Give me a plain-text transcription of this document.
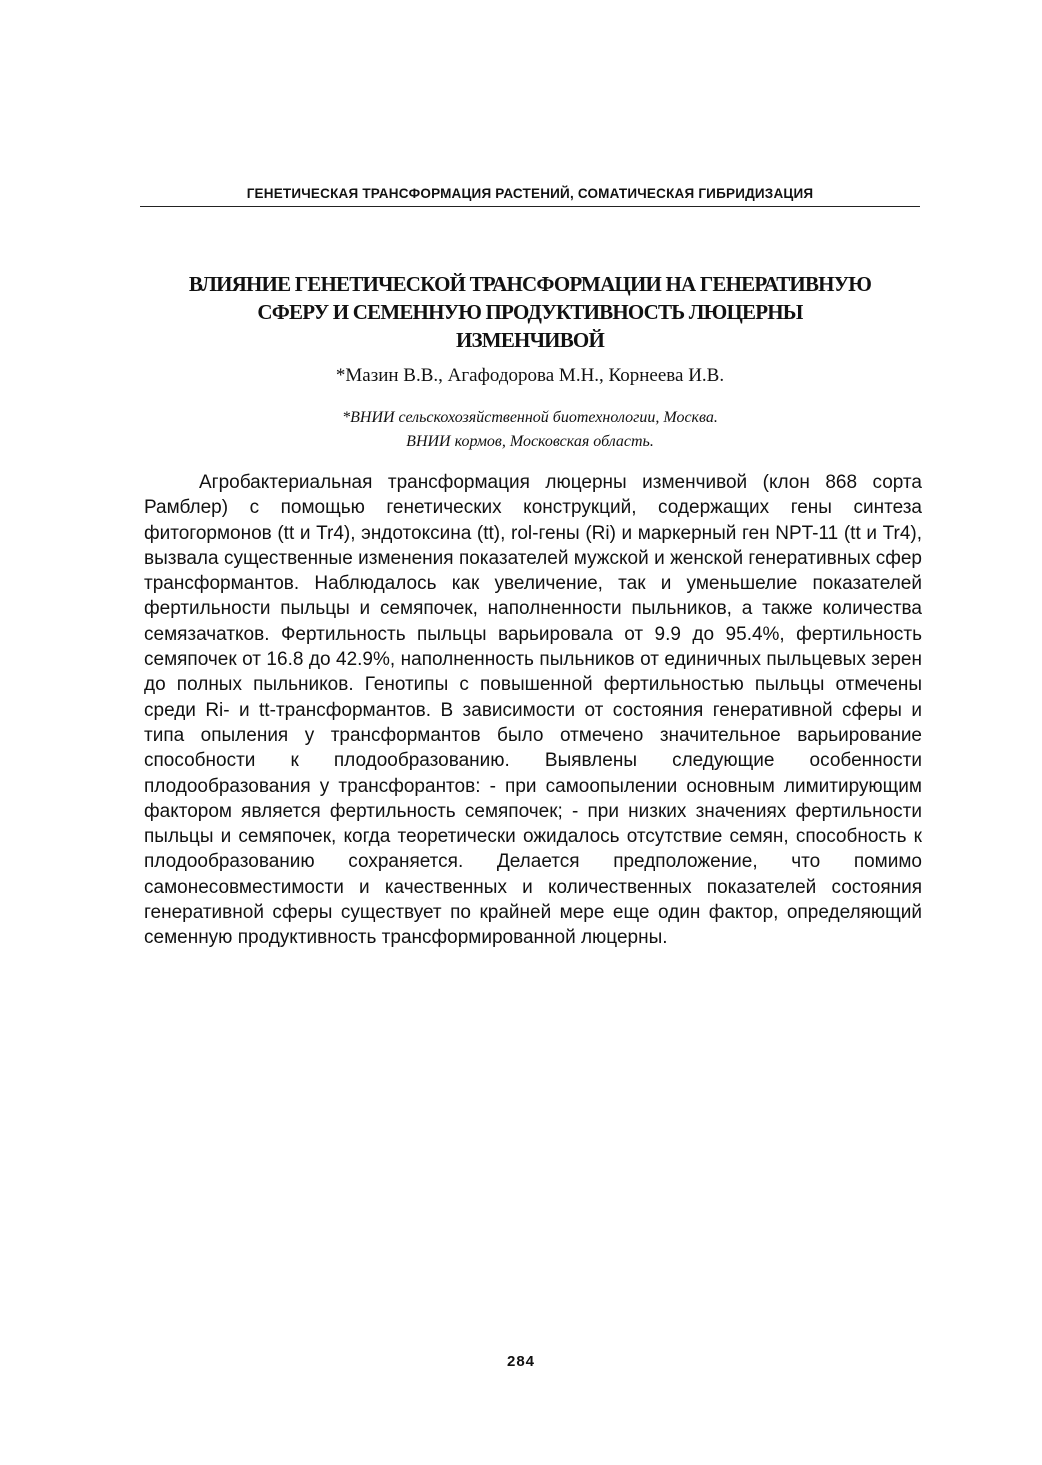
ГЕНЕТИЧЕСКАЯ ТРАНСФОРМАЦИЯ РАСТЕНИЙ, СОМАТИЧЕСКАЯ ГИБРИДИЗАЦИЯ
ВЛИЯНИЕ ГЕНЕТИЧЕСКОЙ ТРАНСФОРМАЦИИ НА ГЕНЕРАТИВНУЮ
СФЕРУ И СЕМЕННУЮ ПРОДУКТИВНОСТЬ ЛЮЦЕРНЫ
ИЗМЕНЧИВОЙ
*Мазин В.В., Агафодорова М.Н., Корнеева И.В.
*ВНИИ сельскохозяйственной биотехнологии, Москва.
ВНИИ кормов, Московская область.

Агробактериальная трансформация люцерны изменчивой (клон 868 сорта Рамблер) с помощью генетических конструкций, содержащих гены синтеза фитогормонов (tt и Tr4), эндотоксина (tt), rol-гены (Ri) и маркерный ген NPT-11 (tt и Tr4), вызвала существенные изменения показателей мужской и женской генеративных сфер трансформантов. Наблюдалось как увеличение, так и уменьшелие показателей фертильности пыльцы и семяпочек, наполненности пыльников, а также количества семязачатков. Фертильность пыльцы варьировала от 9.9 до 95.4%, фертильность семяпочек от 16.8 до 42.9%, наполненность пыльников от единичных пыльцевых зерен до полных пыльников. Генотипы с повышенной фертильностью пыльцы отмечены среди Ri- и tt-трансформантов. В зависимости от состояния генеративной сферы и типа опыления у трансформантов было отмечено значительное варьирование способности к плодообразованию. Выявлены следующие особенности плодообразования у трансфорантов: - при самоопылении основным лимитирующим фактором является фертильность семяпочек; - при низких значениях фертильности пыльцы и семяпочек, когда теоретически ожидалось отсутствие семян, способность к плодообразованию сохраняется. Делается предположение, что помимо самонесовместимости и качественных и количественных показателей состояния генеративной сферы существует по крайней мере еще один фактор, определяющий семенную продуктивность трансформированной люцерны.

284
